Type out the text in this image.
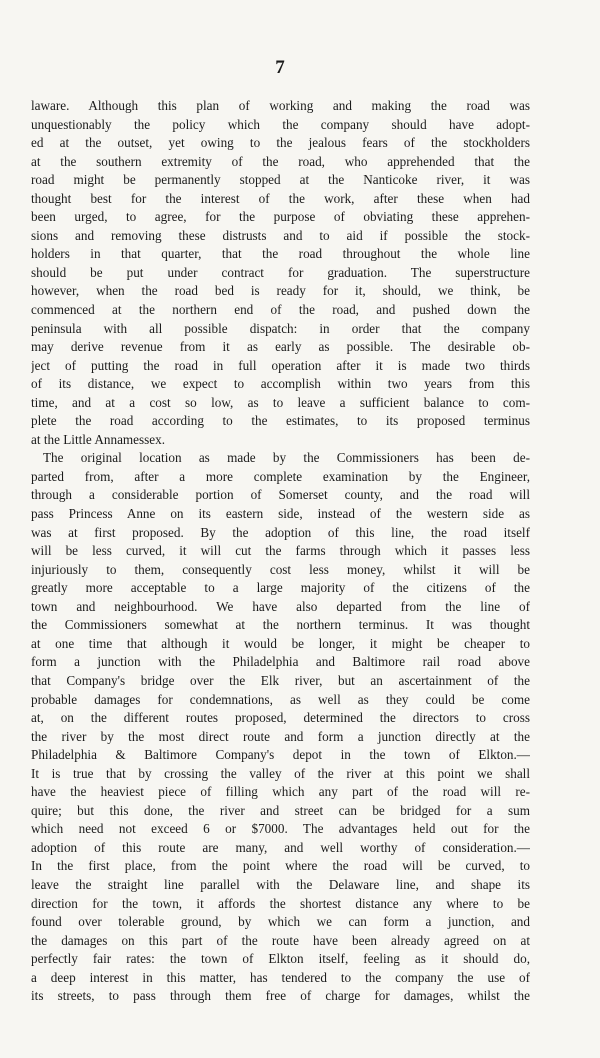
7
laware. Although this plan of working and making the road was
unquestionably the policy which the company should have adopt-
ed at the outset, yet owing to the jealous fears of the stockholders
at the southern extremity of the road, who apprehended that the
road might be permanently stopped at the Nanticoke river, it was
thought best for the interest of the work, after these when had
been urged, to agree, for the purpose of obviating these apprehen-
sions and removing these distrusts and to aid if possible the stock-
holders in that quarter, that the road throughout the whole line
should be put under contract for graduation. The superstructure
however, when the road bed is ready for it, should, we think, be
commenced at the northern end of the road, and pushed down the
peninsula with all possible dispatch: in order that the company
may derive revenue from it as early as possible. The desirable ob-
ject of putting the road in full operation after it is made two thirds
of its distance, we expect to accomplish within two years from this
time, and at a cost so low, as to leave a sufficient balance to com-
plete the road according to the estimates, to its proposed terminus
at the Little Annamessex.
The original location as made by the Commissioners has been de-
parted from, after a more complete examination by the Engineer,
through a considerable portion of Somerset county, and the road will
pass Princess Anne on its eastern side, instead of the western side as
was at first proposed. By the adoption of this line, the road itself
will be less curved, it will cut the farms through which it passes less
injuriously to them, consequently cost less money, whilst it will be
greatly more acceptable to a large majority of the citizens of the
town and neighbourhood. We have also departed from the line of
the Commissioners somewhat at the northern terminus. It was thought
at one time that although it would be longer, it might be cheaper to
form a junction with the Philadelphia and Baltimore rail road above
that Company's bridge over the Elk river, but an ascertainment of the
probable damages for condemnations, as well as they could be come
at, on the different routes proposed, determined the directors to cross
the river by the most direct route and form a junction directly at the
Philadelphia & Baltimore Company's depot in the town of Elkton.—
It is true that by crossing the valley of the river at this point we shall
have the heaviest piece of filling which any part of the road will re-
quire; but this done, the river and street can be bridged for a sum
which need not exceed 6 or $7000. The advantages held out for the
adoption of this route are many, and well worthy of consideration.—
In the first place, from the point where the road will be curved, to
leave the straight line parallel with the Delaware line, and shape its
direction for the town, it affords the shortest distance any where to be
found over tolerable ground, by which we can form a junction, and
the damages on this part of the route have been already agreed on at
perfectly fair rates: the town of Elkton itself, feeling as it should do,
a deep interest in this matter, has tendered to the company the use of
its streets, to pass through them free of charge for damages, whilst the
